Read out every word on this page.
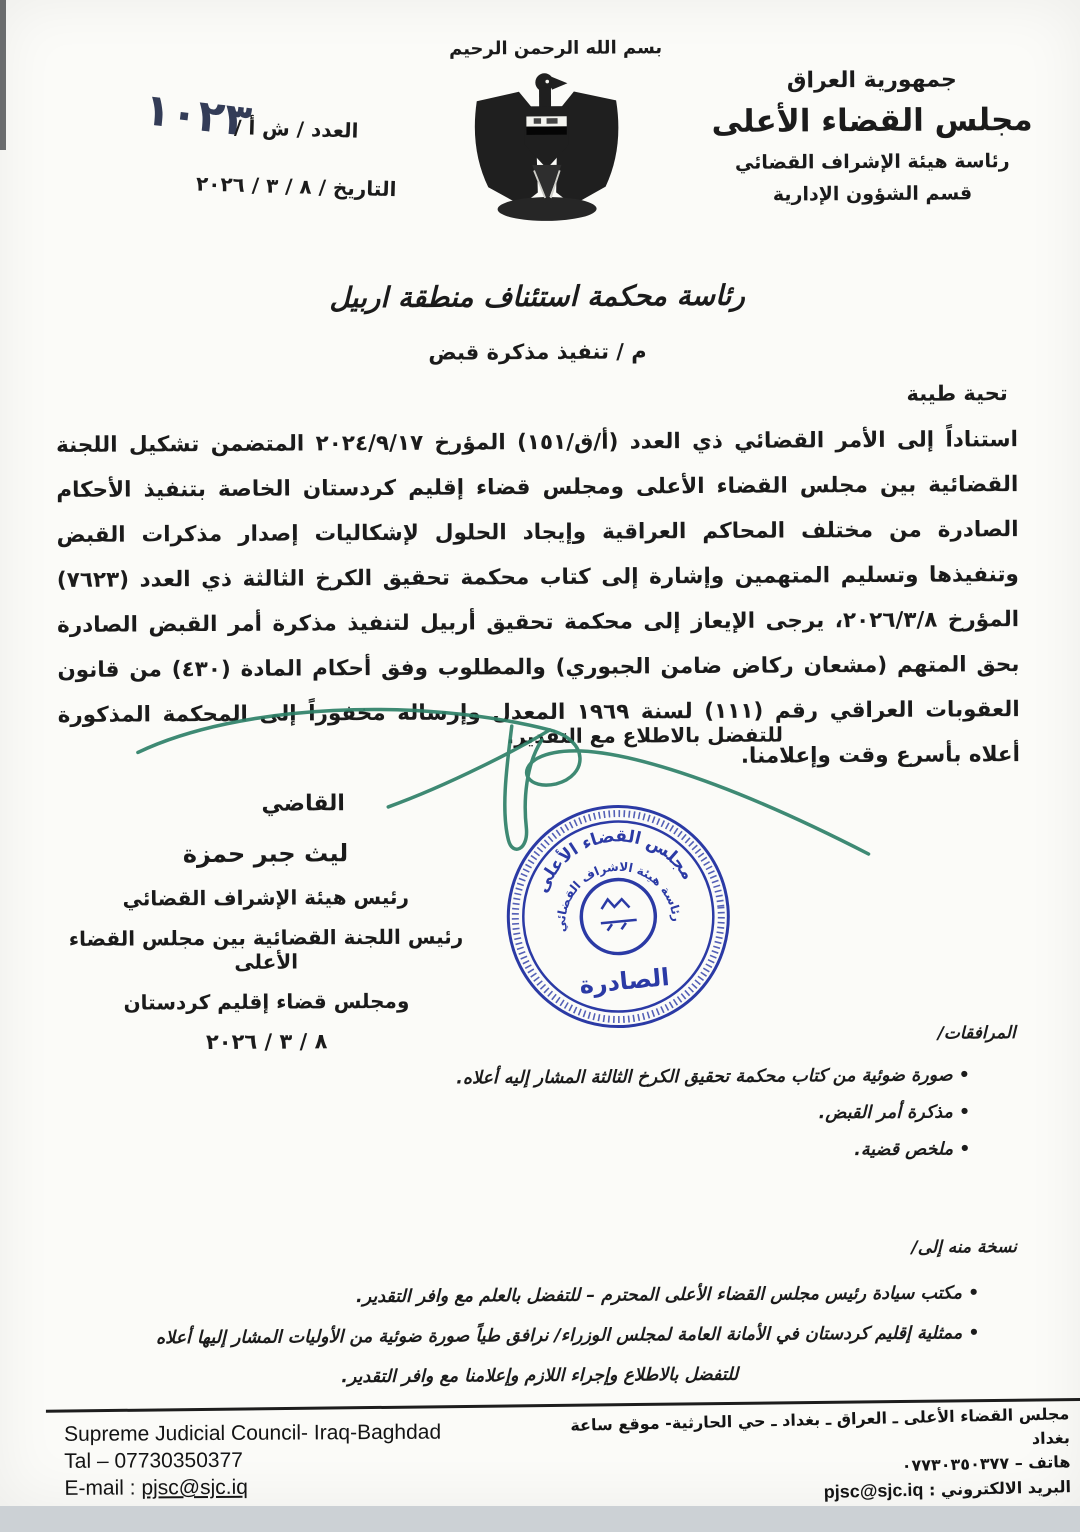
١٠٢٣
العدد / ش أ /
التاريخ / ٨ / ٣ / ٢٠٢٦
بسم الله الرحمن الرحيم
جمهورية العراق
مجلس القضاء الأعلى
رئاسة هيئة الإشراف القضائي
قسم الشؤون الإدارية
رئاسة محكمة استئناف منطقة اربيل
م / تنفيذ مذكرة قبض
تحية طيبة
استناداً إلى الأمر القضائي ذي العدد (أ/ق/١٥١) المؤرخ ٢٠٢٤/٩/١٧ المتضمن تشكيل اللجنة القضائية بين مجلس القضاء الأعلى ومجلس قضاء إقليم كردستان الخاصة بتنفيذ الأحكام الصادرة من مختلف المحاكم العراقية وإيجاد الحلول لإشكاليات إصدار مذكرات القبض وتنفيذها وتسليم المتهمين وإشارة إلى كتاب محكمة تحقيق الكرخ الثالثة ذي العدد (٧٦٢٣) المؤرخ ٢٠٢٦/٣/٨، يرجى الإيعاز إلى محكمة تحقيق أربيل لتنفيذ مذكرة أمر القبض الصادرة بحق المتهم (مشعان ركاض ضامن الجبوري) والمطلوب وفق أحكام المادة (٤٣٠) من قانون العقوبات العراقي رقم (١١١) لسنة ١٩٦٩ المعدل وإرساله مخفوراً إلى المحكمة المذكورة أعلاه بأسرع وقت وإعلامنا.
للتفضل بالاطلاع مع التقدير.
القاضي
ليث جبر حمزة
رئيس هيئة الإشراف القضائي
رئيس اللجنة القضائية بين مجلس القضاء الأعلى
ومجلس قضاء إقليم كردستان
٨ / ٣ / ٢٠٢٦
مجلس القضاء الأعلى
رئاسة هيئة الاشراف القضائي
الصادرة
المرافقات/
• صورة ضوئية من كتاب محكمة تحقيق الكرخ الثالثة المشار إليه أعلاه.
• مذكرة أمر القبض.
• ملخص قضية.
نسخة منه إلى/
• مكتب سيادة رئيس مجلس القضاء الأعلى المحترم – للتفضل بالعلم مع وافر التقدير.
• ممثلية إقليم كردستان في الأمانة العامة لمجلس الوزراء/ نرافق طياً صورة ضوئية من الأوليات المشار إليها أعلاه
للتفضل بالاطلاع وإجراء اللازم وإعلامنا مع وافر التقدير.
Supreme Judicial Council- Iraq-Baghdad
Tal – 07730350377
E-mail : pjsc@sjc.iq
مجلس القضاء الأعلى ـ العراق ـ بغداد ـ حي الحارثية- موقع ساعة بغداد
هاتف – ٠٧٧٣٠٣٥٠٣٧٧
البريد الالكتروني : pjsc@sjc.iq
